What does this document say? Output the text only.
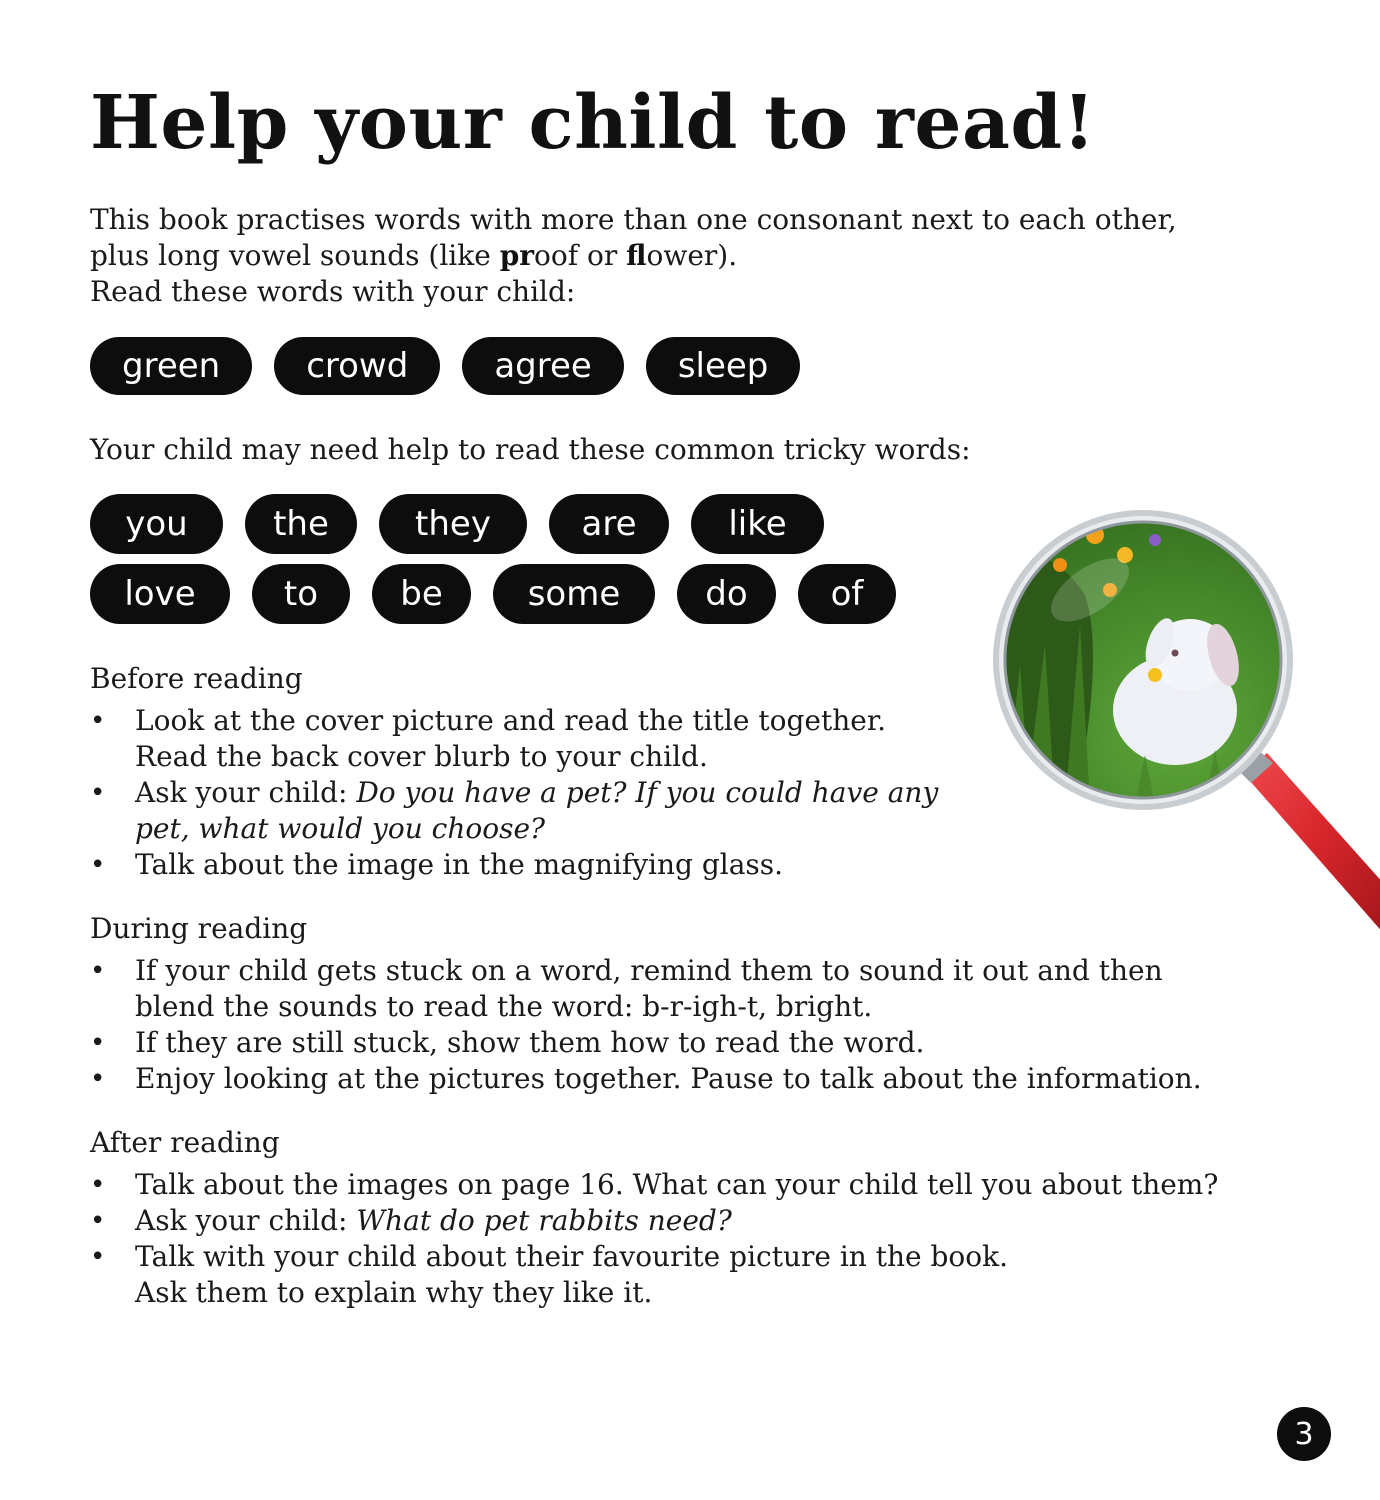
Help your child to read!
This book practises words with more than one consonant next to each other,
plus long vowel sounds (like proof or flower).
Read these words with your child:
green	crowd	agree	sleep
Your child may need help to read these common tricky words:
you	the	they	are	like
love	to	be	some	do	of
Before reading
• Look at the cover picture and read the title together.
Read the back cover blurb to your child.
• Ask your child: Do you have a pet? If you could have any
pet, what would you choose?
• Talk about the image in the magnifying glass.
During reading
• If your child gets stuck on a word, remind them to sound it out and then
blend the sounds to read the word: b-r-igh-t, bright.
• If they are still stuck, show them how to read the word.
• Enjoy looking at the pictures together. Pause to talk about the information.
After reading
• Talk about the images on page 16. What can your child tell you about them?
• Ask your child: What do pet rabbits need?
• Talk with your child about their favourite picture in the book.
Ask them to explain why they like it.
3
